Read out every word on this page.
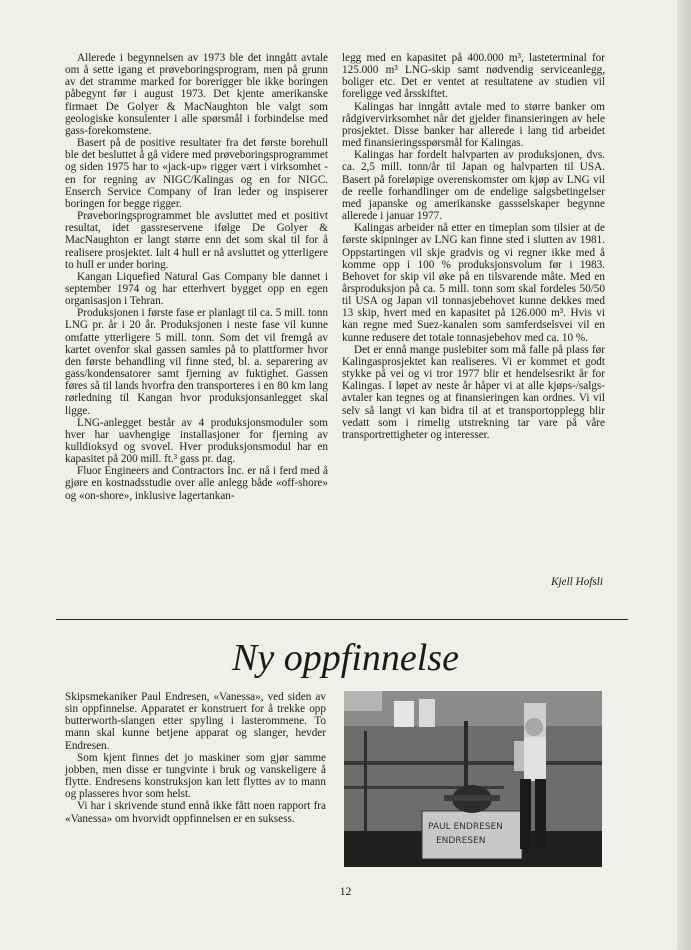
Allerede i begynnelsen av 1973 ble det inngått avtale om å sette igang et prøveboringsprogram, men på grunn av det stramme marked for borerigger ble ikke boringen påbegynt før i august 1973. Det kjente amerikanske firmaet De Golyer & MacNaughton ble valgt som geologiske konsulenter i alle spørsmål i forbindelse med gass-forekomstene.

Basert på de positive resultater fra det første borehull ble det besluttet å gå videre med prøveboringsprogrammet og siden 1975 har to «jack-up» rigger vært i virksomhet - en for regning av NIGC/Kalingas og en for NIGC. Enserch Service Company of Iran leder og inspiserer boringen for begge rigger.

Prøveboringsprogrammet ble avsluttet med et positivt resultat, idet gassreservene ifølge De Golyer & MacNaughton er langt større enn det som skal til for å realisere prosjektet. Ialt 4 hull er nå avsluttet og ytterligere to hull er under boring.

Kangan Liquefied Natural Gas Company ble dannet i september 1974 og har etterhvert bygget opp en egen organisasjon i Tehran.

Produksjonen i første fase er planlagt til ca. 5 mill. tonn LNG pr. år i 20 år. Produksjonen i neste fase vil kunne omfatte ytterligere 5 mill. tonn. Som det vil fremgå av kartet ovenfor skal gassen samles på to plattformer hvor den første behandling vil finne sted, bl. a. separering av gass/kondensatorer samt fjerning av fuktighet. Gassen føres så til lands hvorfra den transporteres i en 80 km lang rørledning til Kangan hvor produksjonsanlegget skal ligge.

LNG-anlegget består av 4 produksjonsmoduler som hver har uavhengige installasjoner for fjerning av kulldioksyd og svovel. Hver produksjonsmodul har en kapasitet på 200 mill. ft.³ gass pr. dag.

Fluor Engineers and Contractors Inc. er nå i ferd med å gjøre en kostnadsstudie over alle anlegg både «off-shore» og «on-shore», inklusive lagertankan-

legg med en kapasitet på 400.000 m³, lasteterminal for 125.000 m³ LNG-skip samt nødvendig serviceanlegg, boliger etc. Det er ventet at resultatene av studien vil foreligge ved årsskiftet.

Kalingas har inngått avtale med to større banker om rådgivervirksomhet når det gjelder finansieringen av hele prosjektet. Disse banker har allerede i lang tid arbeidet med finansieringsspørsmål for Kalingas.

Kalingas har fordelt halvparten av produksjonen, dvs. ca. 2,5 mill. tonn/år til Japan og halvparten til USA. Basert på foreløpige overenskomster om kjøp av LNG vil de reelle forhandlinger om de endelige salgsbetingelser med japanske og amerikanske gassselskaper begynne allerede i januar 1977.

Kalingas arbeider nå etter en timeplan som tilsier at de første skipninger av LNG kan finne sted i slutten av 1981. Oppstartingen vil skje gradvis og vi regner ikke med å komme opp i 100 % produksjonsvolum før i 1983. Behovet for skip vil øke på en tilsvarende måte. Med en årsproduksjon på ca. 5 mill. tonn som skal fordeles 50/50 til USA og Japan vil tonnasjebehovet kunne dekkes med 13 skip, hvert med en kapasitet på 126.000 m³. Hvis vi kan regne med Suez-kanalen som samferdselsvei vil en kunne redusere det totale tonnasjebehov med ca. 10 %.

Det er ennå mange puslebiter som må falle på plass før Kalingasprosjektet kan realiseres. Vi er kommet et godt stykke på vei og vi tror 1977 blir et hendelsesrikt år for Kalingas. I løpet av neste år håper vi at alle kjøps-/salgs-avtaler kan tegnes og at finansieringen kan ordnes. Vi vil selv så langt vi kan bidra til at et transportopplegg blir vedatt som i rimelig utstrekning tar vare på våre transportrettigheter og interesser.

Kjell Hofsli
Ny oppfinnelse

Skipsmekaniker Paul Endresen, «Vanessa», ved siden av sin oppfinnelse. Apparatet er konstruert for å trekke opp butterworth-slangen etter spyling i lasterommene. To mann skal kunne betjene apparat og slanger, hevder Endresen.

Som kjent finnes det jo maskiner som gjør samme jobben, men disse er tungvinte i bruk og vanskeligere å flytte. Endresens konstruksjon kan lett flyttes av to mann og plasseres hvor som helst.

Vi har i skrivende stund ennå ikke fått noen rapport fra «Vanessa» om hvorvidt oppfinnelsen er en suksess.

PAUL ENDRESEN
ENDRESEN
12
